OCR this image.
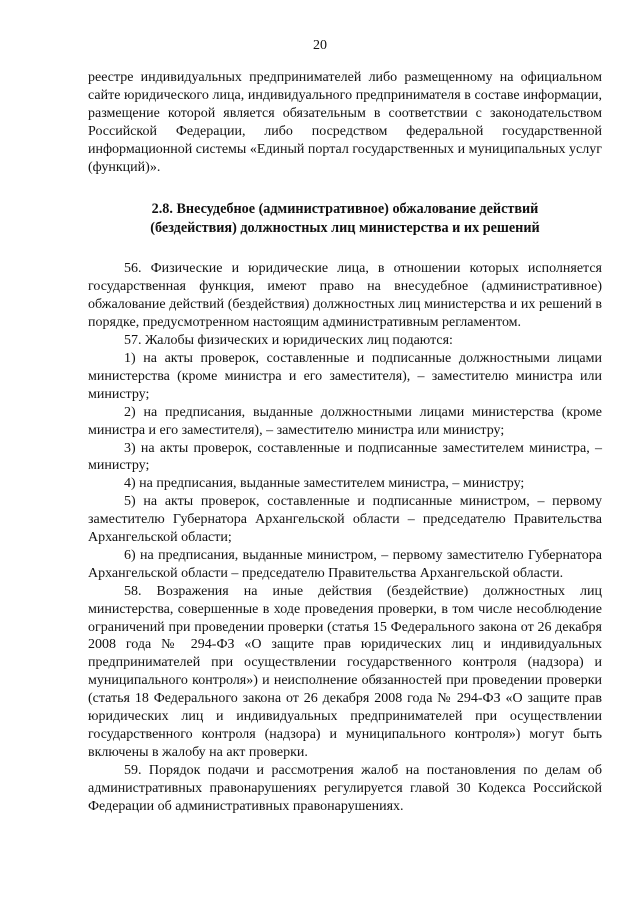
20

реестре индивидуальных предпринимателей либо размещенному на официальном сайте юридического лица, индивидуального предпринимателя в составе информации, размещение которой является обязательным в соответствии с законодательством Российской Федерации, либо посредством федеральной государственной информационной системы «Единый портал государственных и муниципальных услуг (функций)».

2.8. Внесудебное (административное) обжалование действий
(бездействия) должностных лиц министерства и их решений

56. Физические и юридические лица, в отношении которых исполняется государственная функция, имеют право на внесудебное (административное) обжалование действий (бездействия) должностных лиц министерства и их решений в порядке, предусмотренном настоящим административным регламентом.

57. Жалобы физических и юридических лиц подаются:

1) на акты проверок, составленные и подписанные должностными лицами министерства (кроме министра и его заместителя), – заместителю министра или министру;

2) на предписания, выданные должностными лицами министерства (кроме министра и его заместителя), – заместителю министра или министру;

3) на акты проверок, составленные и подписанные заместителем министра, – министру;

4) на предписания, выданные заместителем министра, – министру;

5) на акты проверок, составленные и подписанные министром, – первому заместителю Губернатора Архангельской области – председателю Правительства Архангельской области;

6) на предписания, выданные министром, – первому заместителю Губернатора Архангельской области – председателю Правительства Архангельской области.

58. Возражения на иные действия (бездействие) должностных лиц министерства, совершенные в ходе проведения проверки, в том числе несоблюдение ограничений при проведении проверки (статья 15 Федерального закона от 26 декабря 2008 года № 294-ФЗ «О защите прав юридических лиц и индивидуальных предпринимателей при осуществлении государственного контроля (надзора) и муниципального контроля») и неисполнение обязанностей при проведении проверки (статья 18 Федерального закона от 26 декабря 2008 года № 294-ФЗ «О защите прав юридических лиц и индивидуальных предпринимателей при осуществлении государственного контроля (надзора) и муниципального контроля») могут быть включены в жалобу на акт проверки.

59. Порядок подачи и рассмотрения жалоб на постановления по делам об административных правонарушениях регулируется главой 30 Кодекса Российской Федерации об административных правонарушениях.
